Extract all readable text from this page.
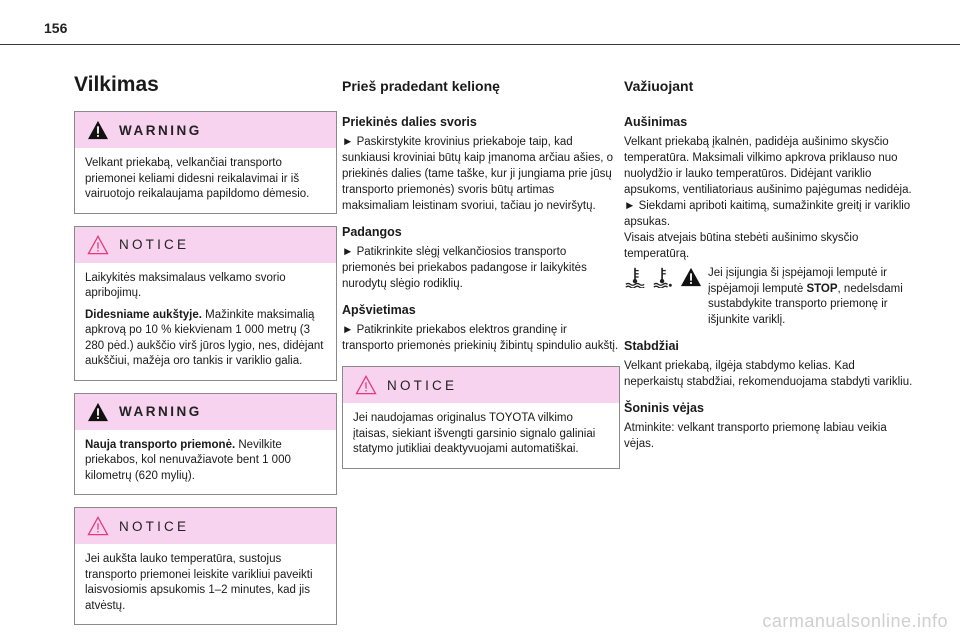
156
Vilkimas
WARNING

Velkant priekabą, velkančiai transporto priemonei keliami didesni reikalavimai ir iš vairuotojo reikalaujama papildomo dėmesio.

NOTICE

Laikykitės maksimalaus velkamo svorio apribojimų.

Didesniame aukštyje. Mažinkite maksimalią apkrovą po 10 % kiekvienam 1 000 metrų (3 280 pėd.) aukščio virš jūros lygio, nes, didėjant aukščiui, mažėja oro tankis ir variklio galia.

WARNING

Nauja transporto priemonė. Nevilkite priekabos, kol nenuvažiavote bent 1 000 kilometrų (620 mylių).

NOTICE

Jei aukšta lauko temperatūra, sustojus transporto priemonei leiskite varikliui paveikti laisvosiomis apsukomis 1–2 minutes, kad jis atvėstų.

Prieš pradedant kelionę
Priekinės dalies svoris

► Paskirstykite krovinius priekaboje taip, kad sunkiausi kroviniai būtų kaip įmanoma arčiau ašies, o priekinės dalies (tame taške, kur ji jungiama prie jūsų transporto priemonės) svoris būtų artimas maksimaliam leistinam svoriui, tačiau jo neviršytų.

Padangos

► Patikrinkite slėgį velkančiosios transporto priemonės bei priekabos padangose ir laikykitės nurodytų slėgio rodiklių.

Apšvietimas

► Patikrinkite priekabos elektros grandinę ir transporto priemonės priekinių žibintų spindulio aukštį.

NOTICE

Jei naudojamas originalus TOYOTA vilkimo įtaisas, siekiant išvengti garsinio signalo galiniai statymo jutikliai deaktyvuojami automatiškai.

Važiuojant
Aušinimas

Velkant priekabą įkalnėn, padidėja aušinimo skysčio temperatūra. Maksimali vilkimo apkrova priklauso nuo nuolydžio ir lauko temperatūros. Didėjant variklio apsukoms, ventiliatoriaus aušinimo pajėgumas nedidėja.

► Siekdami apriboti kaitimą, sumažinkite greitį ir variklio apsukas.

Visais atvejais būtina stebėti aušinimo skysčio temperatūrą.

Jei įsijungia ši įspėjamoji lemputė ir įspėjamoji lemputė STOP, nedelsdami sustabdykite transporto priemonę ir išjunkite variklį.
Stabdžiai

Velkant priekabą, ilgėja stabdymo kelias. Kad neperkaistų stabdžiai, rekomenduojama stabdyti varikliu.

Šoninis vėjas

Atminkite: velkant transporto priemonę labiau veikia vėjas.

carmanualsonline.info
